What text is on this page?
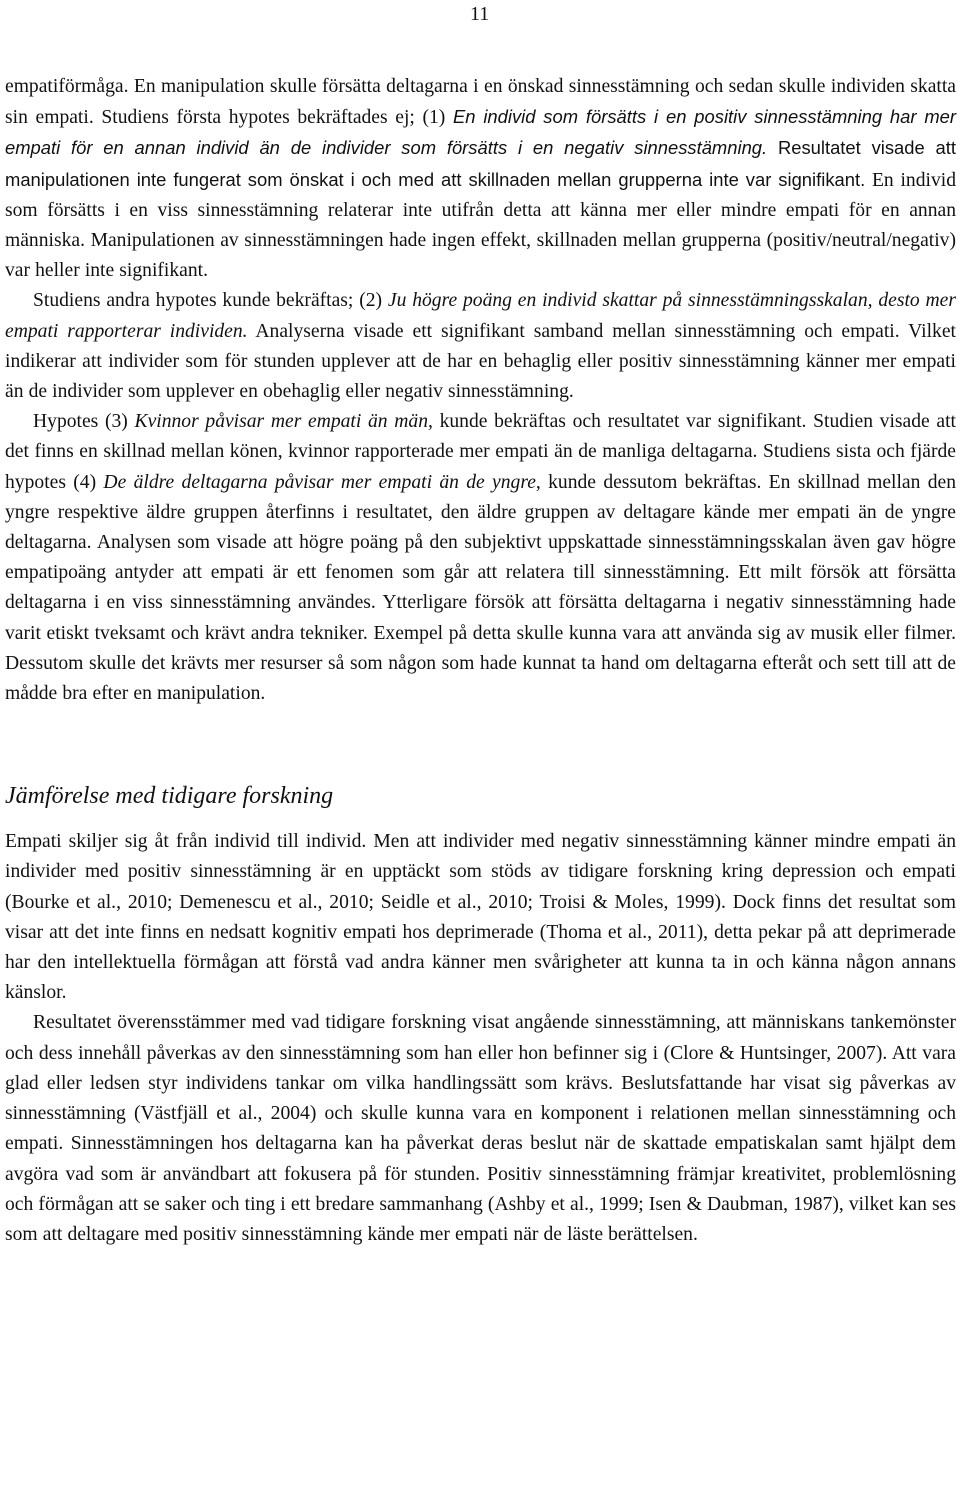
11

empatiförmåga. En manipulation skulle försätta deltagarna i en önskad sinnesstämning och sedan skulle individen skatta sin empati. Studiens första hypotes bekräftades ej; (1) En individ som försätts i en positiv sinnesstämning har mer empati för en annan individ än de individer som försätts i en negativ sinnesstämning. Resultatet visade att manipulationen inte fungerat som önskat i och med att skillnaden mellan grupperna inte var signifikant. En individ som försätts i en viss sinnesstämning relaterar inte utifrån detta att känna mer eller mindre empati för en annan människa. Manipulationen av sinnesstämningen hade ingen effekt, skillnaden mellan grupperna (positiv/neutral/negativ) var heller inte signifikant.

Studiens andra hypotes kunde bekräftas; (2) Ju högre poäng en individ skattar på sinnesstämningsskalan, desto mer empati rapporterar individen. Analyserna visade ett signifikant samband mellan sinnesstämning och empati. Vilket indikerar att individer som för stunden upplever att de har en behaglig eller positiv sinnesstämning känner mer empati än de individer som upplever en obehaglig eller negativ sinnesstämning.

Hypotes (3) Kvinnor påvisar mer empati än män, kunde bekräftas och resultatet var signifikant. Studien visade att det finns en skillnad mellan könen, kvinnor rapporterade mer empati än de manliga deltagarna. Studiens sista och fjärde hypotes (4) De äldre deltagarna påvisar mer empati än de yngre, kunde dessutom bekräftas. En skillnad mellan den yngre respektive äldre gruppen återfinns i resultatet, den äldre gruppen av deltagare kände mer empati än de yngre deltagarna. Analysen som visade att högre poäng på den subjektivt uppskattade sinnesstämningsskalan även gav högre empatipoäng antyder att empati är ett fenomen som går att relatera till sinnesstämning. Ett milt försök att försätta deltagarna i en viss sinnesstämning användes. Ytterligare försök att försätta deltagarna i negativ sinnesstämning hade varit etiskt tveksamt och krävt andra tekniker. Exempel på detta skulle kunna vara att använda sig av musik eller filmer. Dessutom skulle det krävts mer resurser så som någon som hade kunnat ta hand om deltagarna efteråt och sett till att de mådde bra efter en manipulation.

Jämförelse med tidigare forskning

Empati skiljer sig åt från individ till individ. Men att individer med negativ sinnesstämning känner mindre empati än individer med positiv sinnesstämning är en upptäckt som stöds av tidigare forskning kring depression och empati (Bourke et al., 2010; Demenescu et al., 2010; Seidle et al., 2010; Troisi & Moles, 1999). Dock finns det resultat som visar att det inte finns en nedsatt kognitiv empati hos deprimerade (Thoma et al., 2011), detta pekar på att deprimerade har den intellektuella förmågan att förstå vad andra känner men svårigheter att kunna ta in och känna någon annans känslor.

Resultatet överensstämmer med vad tidigare forskning visat angående sinnesstämning, att människans tankemönster och dess innehåll påverkas av den sinnesstämning som han eller hon befinner sig i (Clore & Huntsinger, 2007). Att vara glad eller ledsen styr individens tankar om vilka handlingssätt som krävs. Beslutsfattande har visat sig påverkas av sinnesstämning (Västfjäll et al., 2004) och skulle kunna vara en komponent i relationen mellan sinnesstämning och empati. Sinnesstämningen hos deltagarna kan ha påverkat deras beslut när de skattade empatiskalan samt hjälpt dem avgöra vad som är användbart att fokusera på för stunden. Positiv sinnesstämning främjar kreativitet, problemlösning och förmågan att se saker och ting i ett bredare sammanhang (Ashby et al., 1999; Isen & Daubman, 1987), vilket kan ses som att deltagare med positiv sinnesstämning kände mer empati när de läste berättelsen.
